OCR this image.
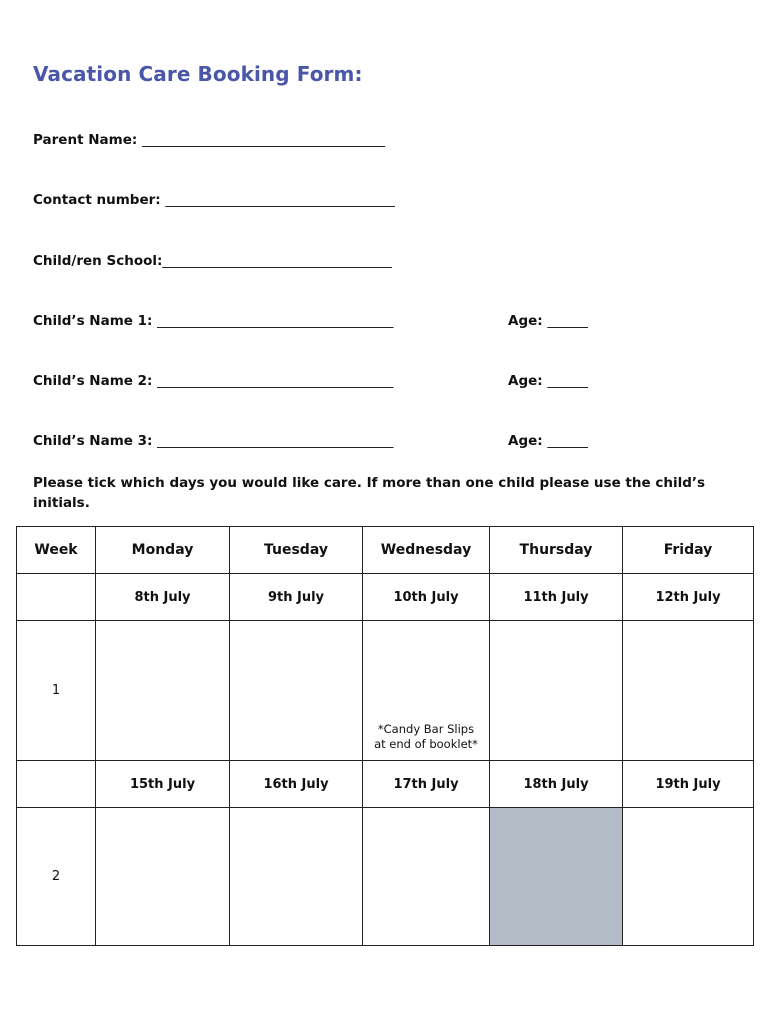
Vacation Care Booking Form:
Parent Name: ____________________________________
Contact number: __________________________________
Child/ren School:__________________________________
Child’s Name 1: ___________________________________	Age: ______
Child’s Name 2: ___________________________________	Age: ______
Child’s Name 3: ___________________________________	Age: ______

Please tick which days you would like care. If more than one child please use the child’s initials.

Week	Monday	Tuesday	Wednesday	Thursday	Friday
	8th July	9th July	10th July	11th July	12th July
1			*Candy Bar Slips
at end of booklet*		

	15th July	16th July	17th July	18th July	19th July
2					
